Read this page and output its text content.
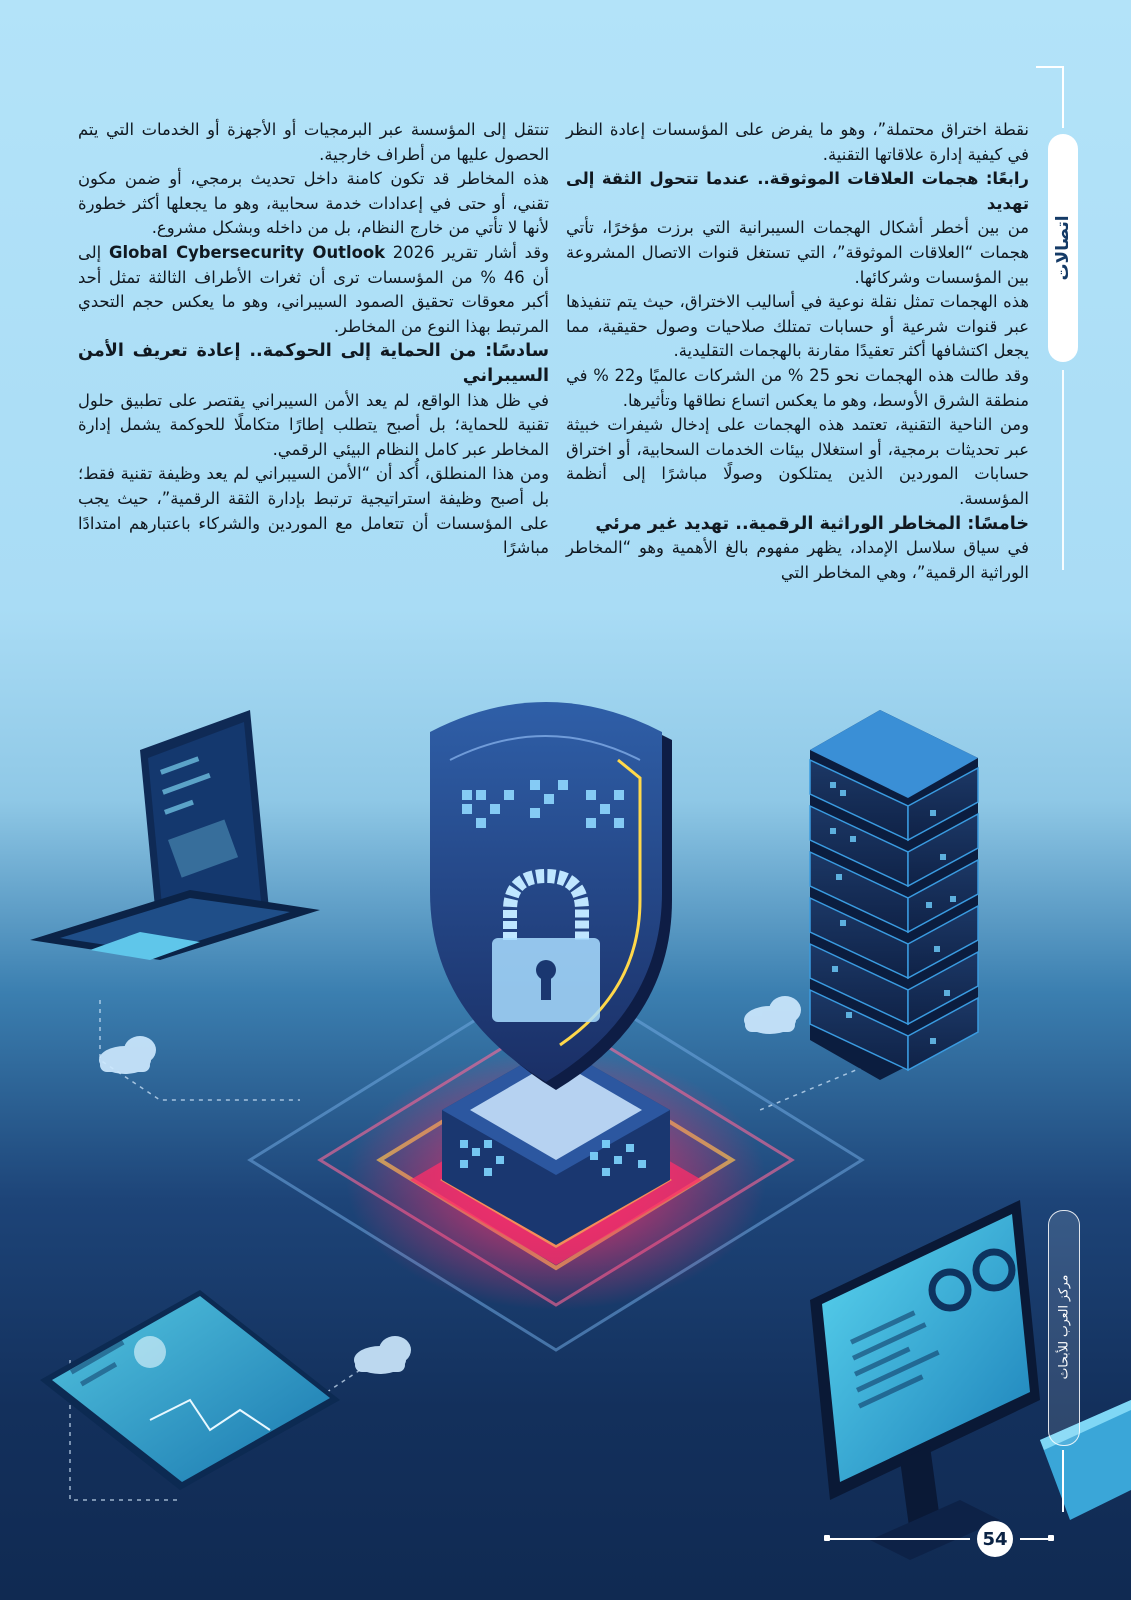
اتصالات
مركز العرب للأبحاث
54

نقطة اختراق محتملة”، وهو ما يفرض على المؤسسات إعادة النظر في كيفية إدارة علاقاتها التقنية.

رابعًا: هجمات العلاقات الموثوقة.. عندما تتحول الثقة إلى تهديد

من بين أخطر أشكال الهجمات السيبرانية التي برزت مؤخرًا، تأتي هجمات “العلاقات الموثوقة”، التي تستغل قنوات الاتصال المشروعة بين المؤسسات وشركائها.

هذه الهجمات تمثل نقلة نوعية في أساليب الاختراق، حيث يتم تنفيذها عبر قنوات شرعية أو حسابات تمتلك صلاحيات وصول حقيقية، مما يجعل اكتشافها أكثر تعقيدًا مقارنة بالهجمات التقليدية.

وقد طالت هذه الهجمات نحو 25 % من الشركات عالميًا و22 % في منطقة الشرق الأوسط، وهو ما يعكس اتساع نطاقها وتأثيرها.

ومن الناحية التقنية، تعتمد هذه الهجمات على إدخال شيفرات خبيثة عبر تحديثات برمجية، أو استغلال بيئات الخدمات السحابية، أو اختراق حسابات الموردين الذين يمتلكون وصولًا مباشرًا إلى أنظمة المؤسسة.

خامسًا: المخاطر الوراثية الرقمية.. تهديد غير مرئي

في سياق سلاسل الإمداد، يظهر مفهوم بالغ الأهمية وهو “المخاطر الوراثية الرقمية”، وهي المخاطر التي

تنتقل إلى المؤسسة عبر البرمجيات أو الأجهزة أو الخدمات التي يتم الحصول عليها من أطراف خارجية.

هذه المخاطر قد تكون كامنة داخل تحديث برمجي، أو ضمن مكون تقني، أو حتى في إعدادات خدمة سحابية، وهو ما يجعلها أكثر خطورة لأنها لا تأتي من خارج النظام، بل من داخله وبشكل مشروع.

وقد أشار تقرير Global Cybersecurity Outlook 2026 إلى أن 46 % من المؤسسات ترى أن ثغرات الأطراف الثالثة تمثل أحد أكبر معوقات تحقيق الصمود السيبراني، وهو ما يعكس حجم التحدي المرتبط بهذا النوع من المخاطر.

سادسًا: من الحماية إلى الحوكمة.. إعادة تعريف الأمن السيبراني

في ظل هذا الواقع، لم يعد الأمن السيبراني يقتصر على تطبيق حلول تقنية للحماية؛ بل أصبح يتطلب إطارًا متكاملًا للحوكمة يشمل إدارة المخاطر عبر كامل النظام البيئي الرقمي.

ومن هذا المنطلق، أُكد أن “الأمن السيبراني لم يعد وظيفة تقنية فقط؛ بل أصبح وظيفة استراتيجية ترتبط بإدارة الثقة الرقمية”، حيث يجب على المؤسسات أن تتعامل مع الموردين والشركاء باعتبارهم امتدادًا مباشرًا
